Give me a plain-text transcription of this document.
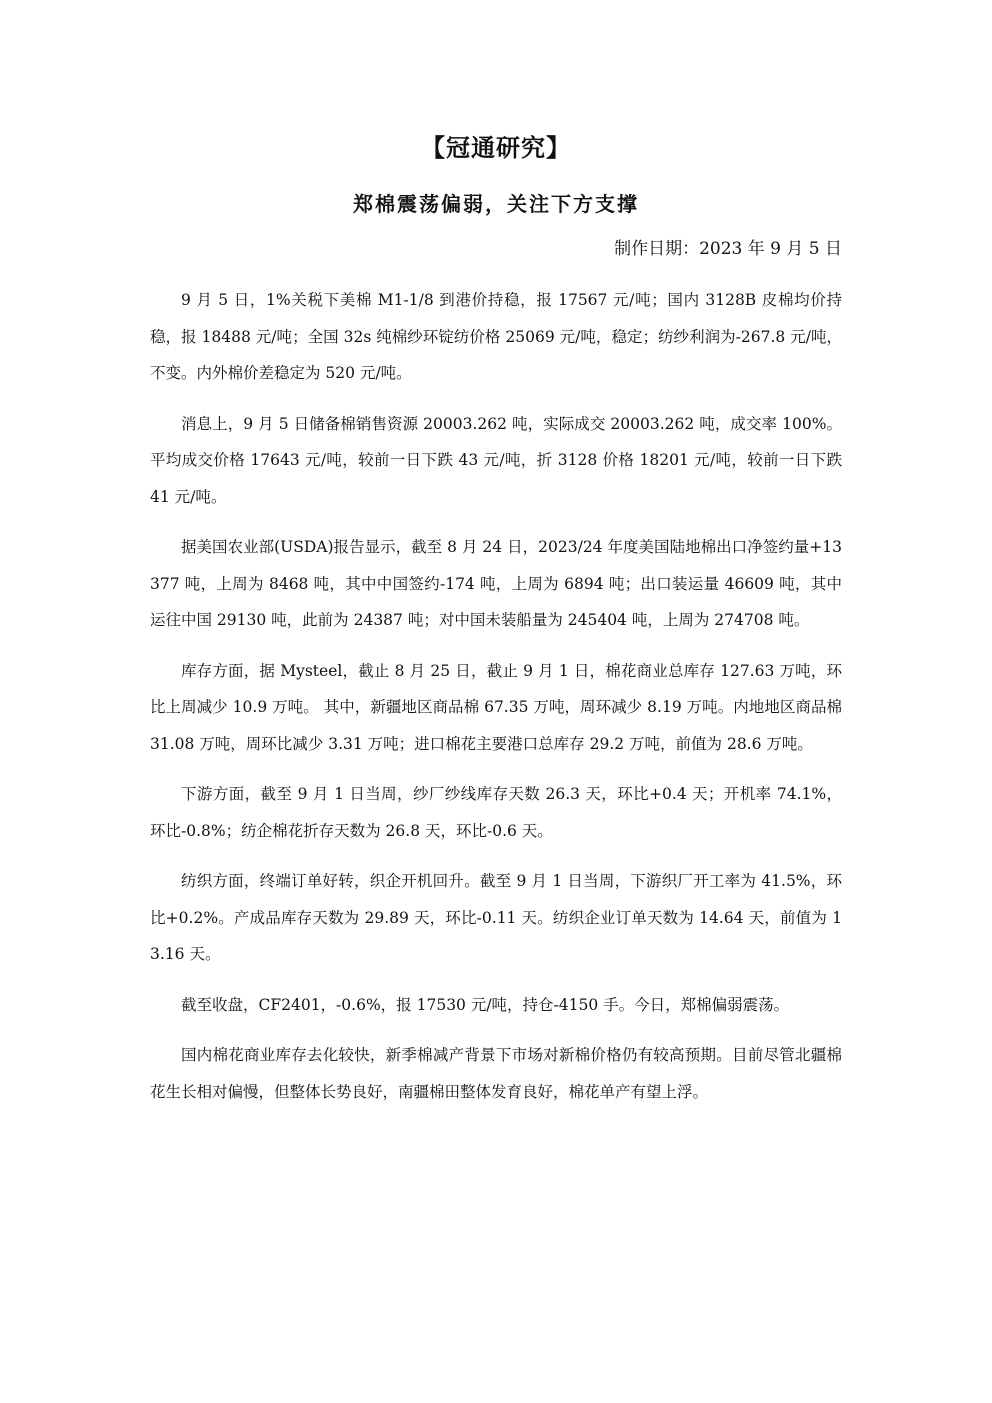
【冠通研究】
郑棉震荡偏弱，关注下方支撑
制作日期：2023 年 9 月 5 日

9 月 5 日，1%关税下美棉 M1-1/8 到港价持稳，报 17567 元/吨；国内 3128B 皮棉均价持稳，报 18488 元/吨；全国 32s 纯棉纱环锭纺价格 25069 元/吨，稳定；纺纱利润为-267.8 元/吨，不变。内外棉价差稳定为 520 元/吨。

消息上，9 月 5 日储备棉销售资源 20003.262 吨，实际成交 20003.262 吨，成交率 100%。平均成交价格 17643 元/吨，较前一日下跌 43 元/吨，折 3128 价格 18201 元/吨，较前一日下跌 41 元/吨。

据美国农业部(USDA)报告显示，截至 8 月 24 日，2023/24 年度美国陆地棉出口净签约量+13377 吨，上周为 8468 吨，其中中国签约-174 吨，上周为 6894 吨；出口装运量 46609 吨，其中运往中国 29130 吨，此前为 24387 吨；对中国未装船量为 245404 吨，上周为 274708 吨。

库存方面，据 Mysteel，截止 8 月 25 日，截止 9 月 1 日，棉花商业总库存 127.63 万吨，环比上周减少 10.9 万吨。 其中，新疆地区商品棉 67.35 万吨，周环减少 8.19 万吨。内地地区商品棉 31.08 万吨，周环比减少 3.31 万吨；进口棉花主要港口总库存 29.2 万吨，前值为 28.6 万吨。

下游方面，截至 9 月 1 日当周，纱厂纱线库存天数 26.3 天，环比+0.4 天；开机率 74.1%，环比-0.8%；纺企棉花折存天数为 26.8 天，环比-0.6 天。

纺织方面，终端订单好转，织企开机回升。截至 9 月 1 日当周，下游织厂开工率为 41.5%，环比+0.2%。产成品库存天数为 29.89 天，环比-0.11 天。纺织企业订单天数为 14.64 天，前值为 13.16 天。

截至收盘，CF2401，-0.6%，报 17530 元/吨，持仓-4150 手。今日，郑棉偏弱震荡。

国内棉花商业库存去化较快，新季棉减产背景下市场对新棉价格仍有较高预期。目前尽管北疆棉花生长相对偏慢，但整体长势良好，南疆棉田整体发育良好，棉花单产有望上浮。
